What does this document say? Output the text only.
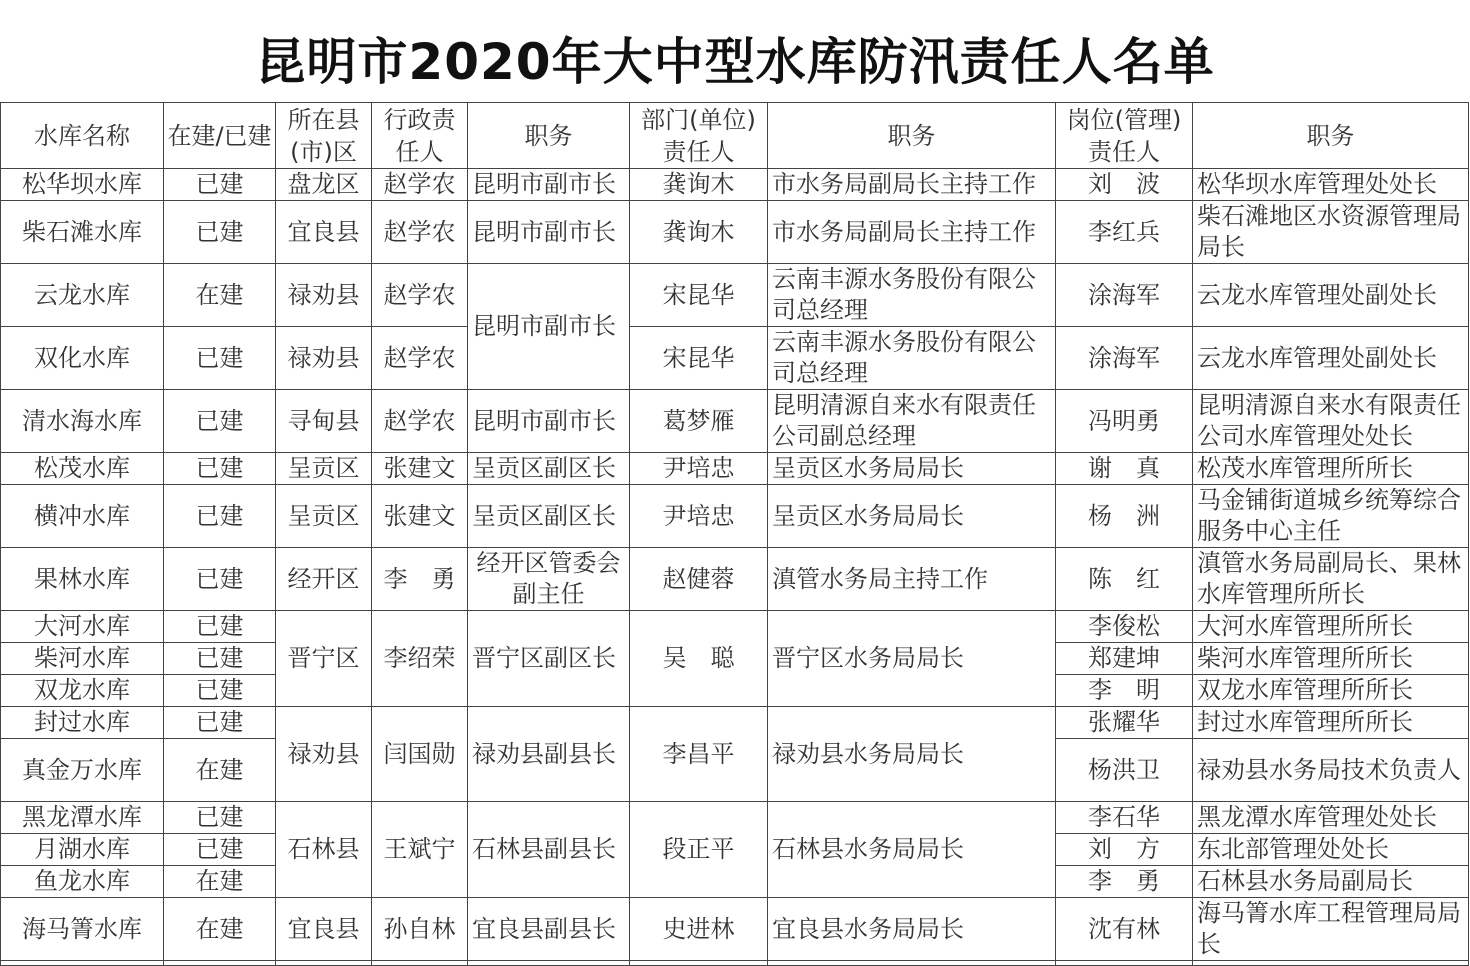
昆明市2020年大中型水库防汛责任人名单
水库名称	在建/已建	所在县(市)区	行政责任人	职务	部门(单位)责任人	职务	岗位(管理)责任人	职务
松华坝水库	已建	盘龙区	赵学农	昆明市副市长	龚询木	市水务局副局长主持工作	刘　波	松华坝水库管理处处长
柴石滩水库	已建	宜良县	赵学农	昆明市副市长	龚询木	市水务局副局长主持工作	李红兵	柴石滩地区水资源管理局局长
云龙水库	在建	禄劝县	赵学农	昆明市副市长	宋昆华	云南丰源水务股份有限公司总经理	涂海军	云龙水库管理处副处长
双化水库	已建	禄劝县	赵学农		宋昆华	云南丰源水务股份有限公司总经理	涂海军	云龙水库管理处副处长
清水海水库	已建	寻甸县	赵学农	昆明市副市长	葛梦雁	昆明清源自来水有限责任公司副总经理	冯明勇	昆明清源自来水有限责任公司水库管理处处长
松茂水库	已建	呈贡区	张建文	呈贡区副区长	尹培忠	呈贡区水务局局长	谢　真	松茂水库管理所所长
横冲水库	已建	呈贡区	张建文	呈贡区副区长	尹培忠	呈贡区水务局局长	杨　洲	马金铺街道城乡统筹综合服务中心主任
果林水库	已建	经开区	李　勇	经开区管委会副主任	赵健蓉	滇管水务局主持工作	陈　红	滇管水务局副局长、果林水库管理所所长
大河水库	已建	晋宁区	李绍荣	晋宁区副区长	吴　聪	晋宁区水务局局长	李俊松	大河水库管理所所长
柴河水库	已建						郑建坤	柴河水库管理所所长
双龙水库	已建						李　明	双龙水库管理所所长
封过水库	已建	禄劝县	闫国勋	禄劝县副县长	李昌平	禄劝县水务局局长	张耀华	封过水库管理所所长
真金万水库	在建						杨洪卫	禄劝县水务局技术负责人
黑龙潭水库	已建	石林县	王斌宁	石林县副县长	段正平	石林县水务局局长	李石华	黑龙潭水库管理处处长
月湖水库	已建						刘　方	东北部管理处处长
鱼龙水库	在建						李　勇	石林县水务局副局长
海马箐水库	在建	宜良县	孙自林	宜良县副县长	史进林	宜良县水务局局长	沈有林	海马箐水库工程管理局局长
